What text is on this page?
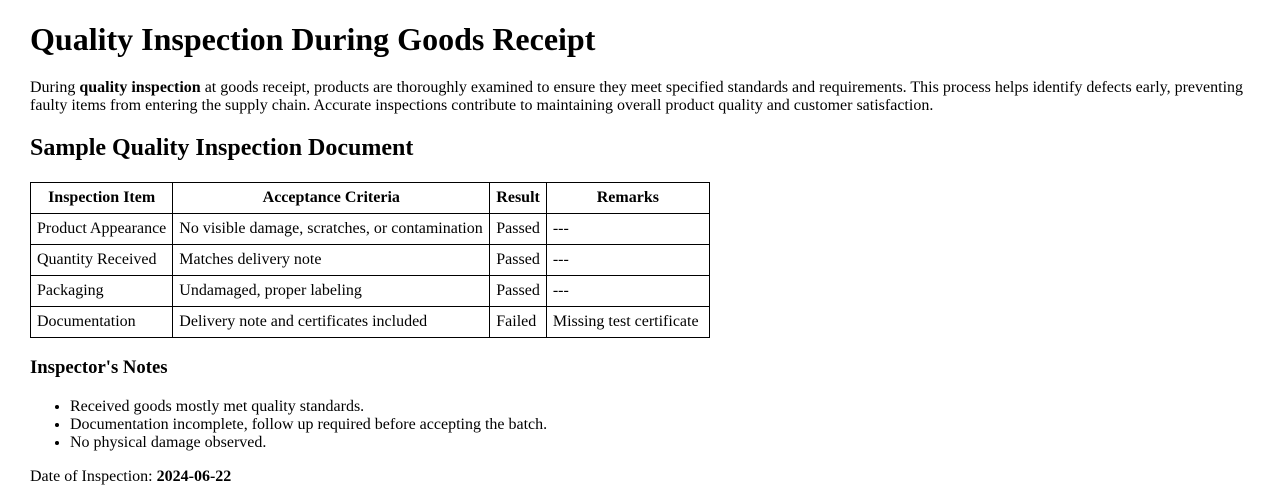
Quality Inspection During Goods Receipt

During quality inspection at goods receipt, products are thoroughly examined to ensure they meet specified standards and requirements. This process helps identify defects early, preventing faulty items from entering the supply chain. Accurate inspections contribute to maintaining overall product quality and customer satisfaction.

Sample Quality Inspection Document
Inspection Item	Acceptance Criteria	Result	Remarks
Product Appearance	No visible damage, scratches, or contamination	Passed	---
Quantity Received	Matches delivery note	Passed	---
Packaging	Undamaged, proper labeling	Passed	---
Documentation	Delivery note and certificates included	Failed	Missing test certificate
Inspector's Notes
• Received goods mostly met quality standards.
• Documentation incomplete, follow up required before accepting the batch.
• No physical damage observed.

Date of Inspection: 2024-06-22
